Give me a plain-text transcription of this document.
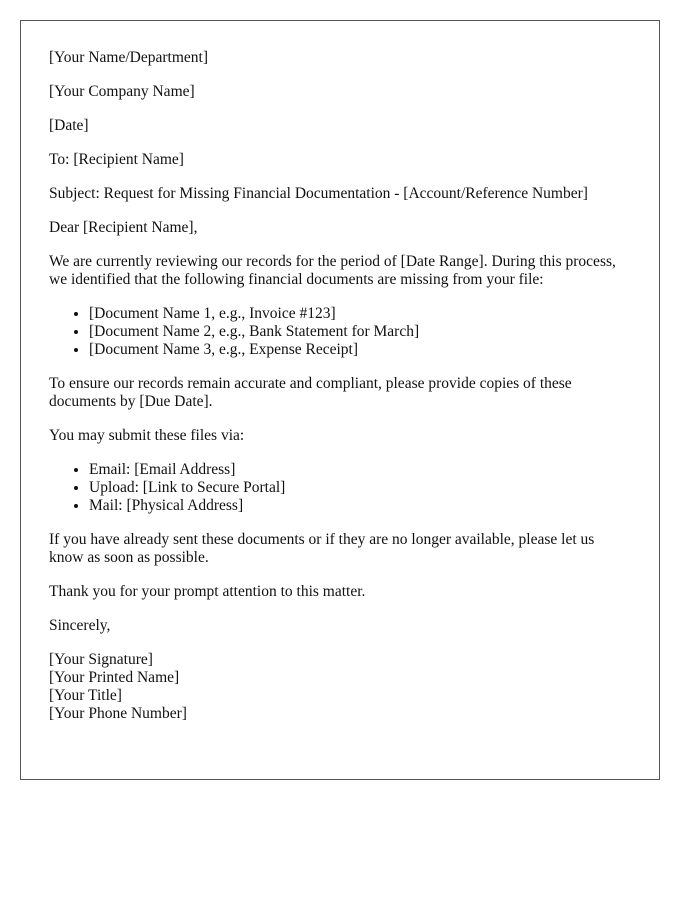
[Your Name/Department]

[Your Company Name]

[Date]

To: [Recipient Name]

Subject: Request for Missing Financial Documentation - [Account/Reference Number]

Dear [Recipient Name],

We are currently reviewing our records for the period of [Date Range]. During this process, we identified that the following financial documents are missing from your file:

• [Document Name 1, e.g., Invoice #123]
• [Document Name 2, e.g., Bank Statement for March]
• [Document Name 3, e.g., Expense Receipt]

To ensure our records remain accurate and compliant, please provide copies of these documents by [Due Date].

You may submit these files via:

• Email: [Email Address]
• Upload: [Link to Secure Portal]
• Mail: [Physical Address]

If you have already sent these documents or if they are no longer available, please let us know as soon as possible.

Thank you for your prompt attention to this matter.

Sincerely,

[Your Signature]
[Your Printed Name]
[Your Title]
[Your Phone Number]
